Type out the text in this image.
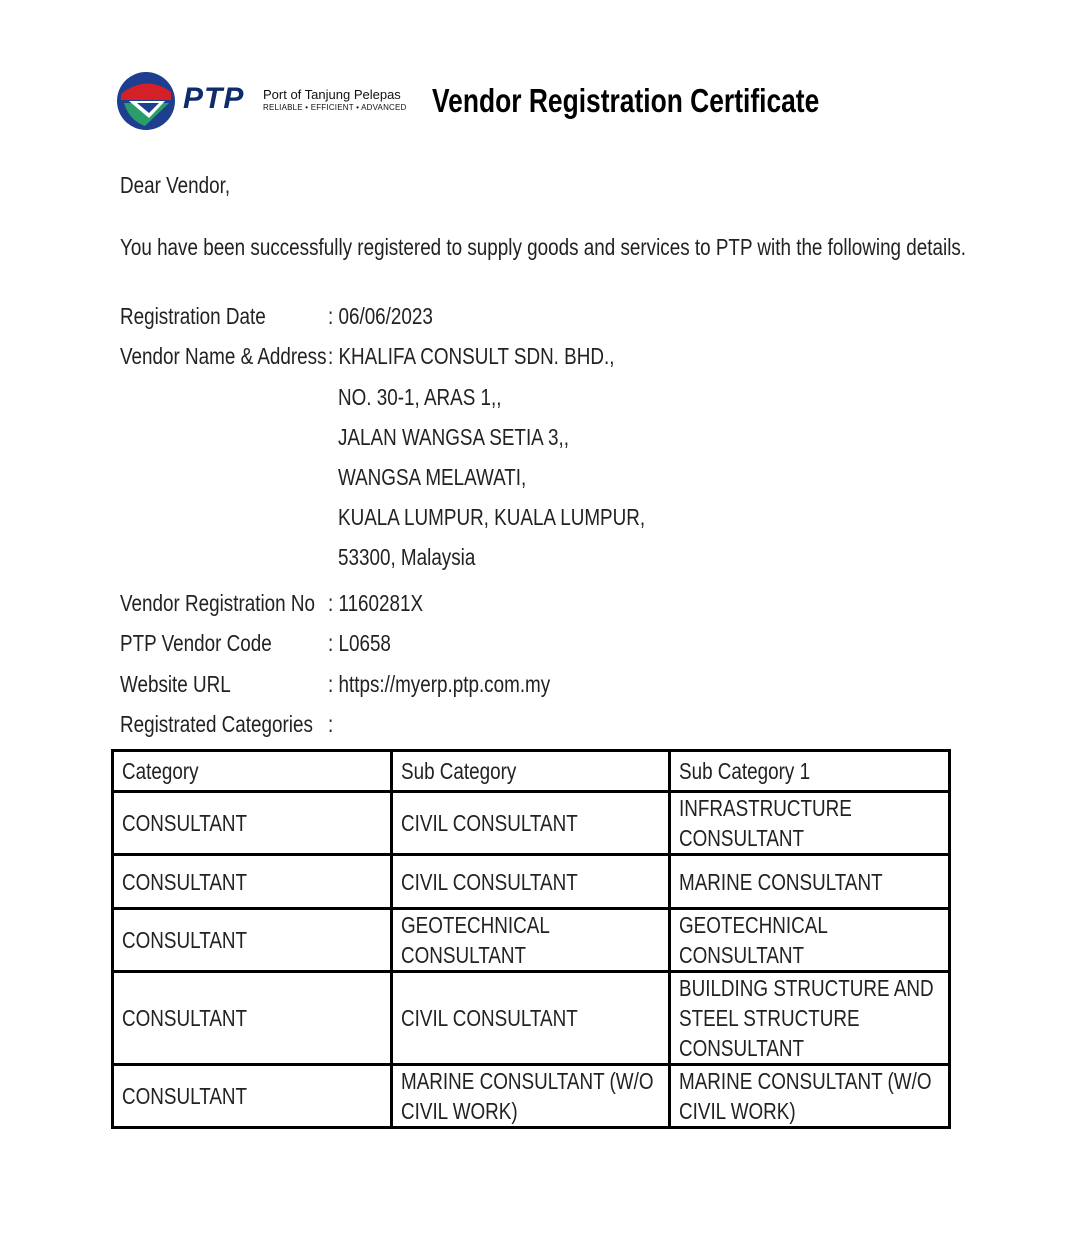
PTP Port of Tanjung Pelepas
RELIABLE • EFFICIENT • ADVANCED Vendor Registration Certificate
Dear Vendor,
You have been successfully registered to supply goods and services to PTP with the following details.
Registration Date	: 06/06/2023
Vendor Name & Address : KHALIFA CONSULT SDN. BHD.,
NO. 30-1, ARAS 1,,
JALAN WANGSA SETIA 3,,
WANGSA MELAWATI,
KUALA LUMPUR, KUALA LUMPUR,
53300, Malaysia
Vendor Registration No : 1160281X
PTP Vendor Code	: L0658
Website URL	: https://myerp.ptp.com.my
Registrated Categories :
Category	Sub Category	Sub Category 1

CONSULTANT	CIVIL CONSULTANT	INFRASTRUCTURE CONSULTANT

CONSULTANT	CIVIL CONSULTANT	MARINE CONSULTANT

CONSULTANT	GEOTECHNICAL CONSULTANT	GEOTECHNICAL CONSULTANT

CONSULTANT	CIVIL CONSULTANT	BUILDING STRUCTURE AND STEEL STRUCTURE CONSULTANT

CONSULTANT	MARINE CONSULTANT (W/O CIVIL WORK)	MARINE CONSULTANT (W/O CIVIL WORK)
